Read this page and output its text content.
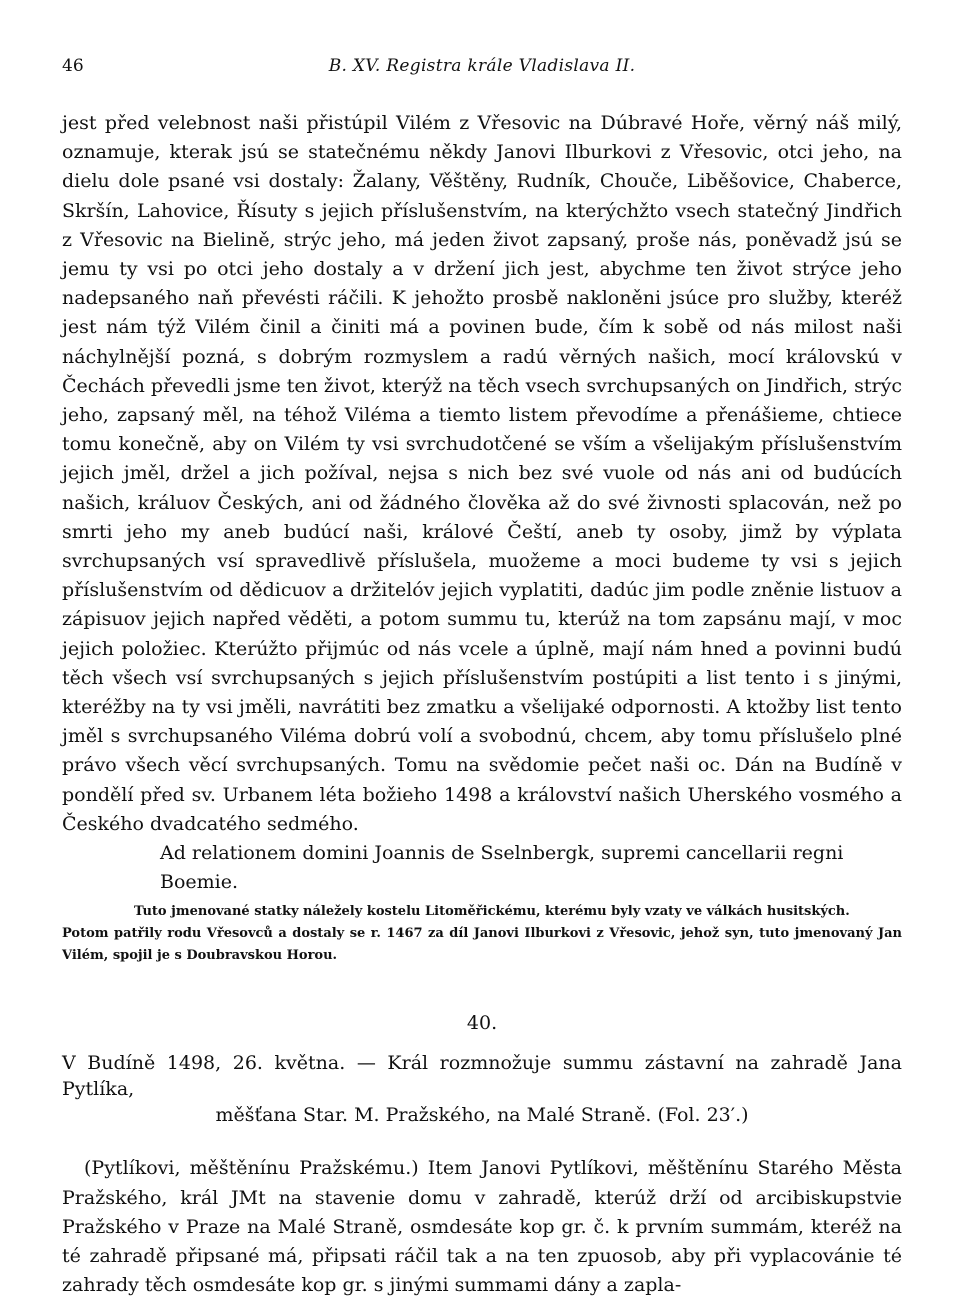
46	B. XV. Registra krále Vladislava II.

jest před velebnost naši přistúpil Vilém z Vřesovic na Dúbravé Hoře, věrný náš milý, oznamuje, kterak jsú se statečnému někdy Janovi Ilburkovi z Vřesovic, otci jeho, na dielu dole psané vsi dostaly: Žalany, Věštěny, Rudník, Chouče, Liběšovice, Chaberce, Skršín, Lahovice, Řísuty s jejich příslušenstvím, na kterýchžto vsech statečný Jindřich z Vřesovic na Bielině, strýc jeho, má jeden život zapsaný, proše nás, poněvadž jsú se jemu ty vsi po otci jeho dostaly a v držení jich jest, abychme ten život strýce jeho nadepsaného naň převésti ráčili. K jehožto prosbě nakloněni jsúce pro služby, kteréž jest nám týž Vilém činil a činiti má a povinen bude, čím k sobě od nás milost naši náchylnější pozná, s dobrým rozmyslem a radú věrných našich, mocí královskú v Čechách převedli jsme ten život, kterýž na těch vsech svrchupsaných on Jindřich, strýc jeho, zapsaný měl, na téhož Viléma a tiemto listem převodíme a přenášieme, chtiece tomu konečně, aby on Vilém ty vsi svrchudotčené se vším a všelijakým příslušenstvím jejich jměl, držel a jich požíval, nejsa s nich bez své vuole od nás ani od budúcích našich, králuov Českých, ani od žádného člověka až do své živnosti splacován, než po smrti jeho my aneb budúcí naši, králové Čeští, aneb ty osoby, jimž by výplata svrchupsaných vsí spravedlivě příslušela, muožeme a moci budeme ty vsi s jejich příslušenstvím od dědicuov a držitelóv jejich vyplatiti, dadúc jim podle zněnie listuov a zápisuov jejich napřed věděti, a potom summu tu, kterúž na tom zapsánu mají, v moc jejich položiec. Kterúžto přijmúc od nás vcele a úplně, mají nám hned a povinni budú těch všech vsí svrchupsaných s jejich příslušenstvím postúpiti a list tento i s jinými, kteréžby na ty vsi jměli, navrátiti bez zmatku a všelijaké odpornosti. A ktožby list tento jměl s svrchupsaného Viléma dobrú volí a svobodnú, chcem, aby tomu příslušelo plné právo všech věcí svrchupsaných. Tomu na svědomie pečet naši oc. Dán na Budíně v pondělí před sv. Urbanem léta božieho 1498 a království našich Uherského vosmého a Českého dvadcatého sedmého.

Ad relationem domini Joannis de Sselnbergk, supremi cancellarii regni Boemie.

Tuto jmenované statky náležely kostelu Litoměřickému, kterému byly vzaty ve válkách husitských.
Potom patřily rodu Vřesovců a dostaly se r. 1467 za díl Janovi Ilburkovi z Vřesovic, jehož syn, tuto jmenovaný Jan Vilém, spojil je s Doubravskou Horou.
40.
V Budíně 1498, 26. května. — Král rozmnožuje summu zástavní na zahradě Jana Pytlíka,
měšťana Star. M. Pražského, na Malé Straně. (Fol. 23′.)
(Pytlíkovi, měštěnínu Pražskému.) Item Janovi Pytlíkovi, měštěnínu Starého Města Pražského, král JMt na stavenie domu v zahradě, kterúž drží od arcibiskupstvie Pražského v Praze na Malé Straně, osmdesáte kop gr. č. k prvním summám, kteréž na té zahradě připsané má, připsati ráčil tak a na ten zpuosob, aby při vyplacovánie té zahrady těch osmdesáte kop gr. s jinými summami dány a zapla-
